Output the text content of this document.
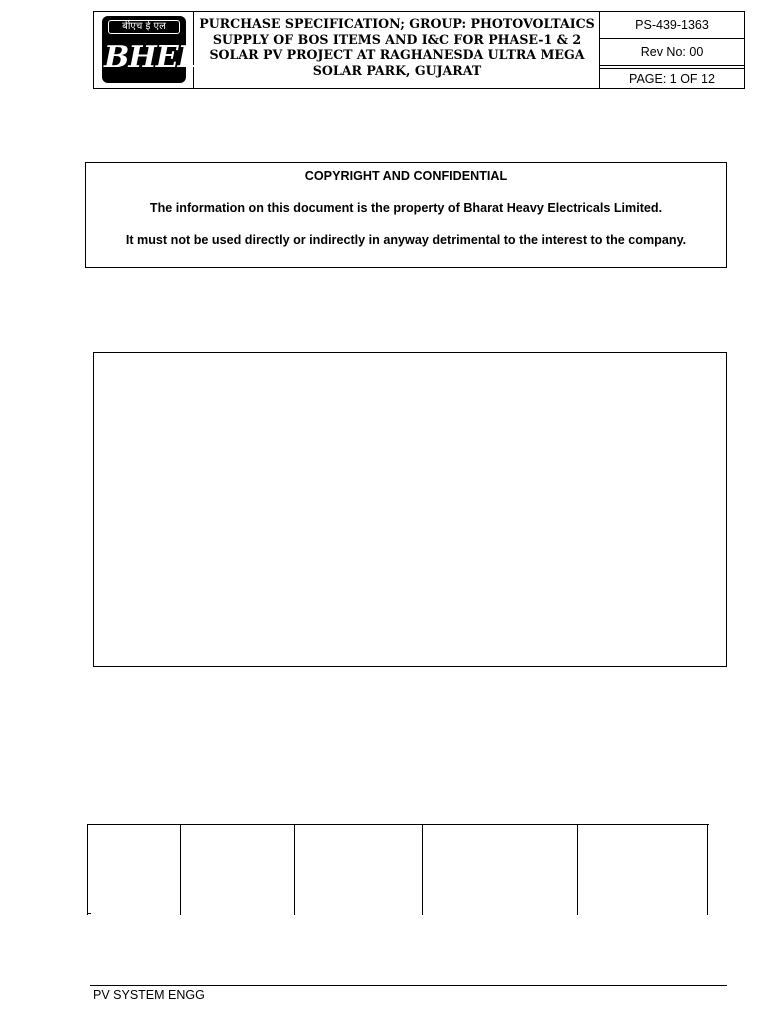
बीएच ई एल
BHEL
PURCHASE SPECIFICATION; GROUP: PHOTOVOLTAICS
SUPPLY OF BOS ITEMS AND I&C FOR PHASE-1 & 2
SOLAR PV PROJECT AT RAGHANESDA ULTRA MEGA
SOLAR PARK, GUJARAT
PS-439-1363
Rev No: 00
PAGE: 1 OF 12
COPYRIGHT AND CONFIDENTIAL
The information on this document is the property of Bharat Heavy Electricals Limited.
It must not be used directly or indirectly in anyway detrimental to the interest to the company.
PV SYSTEM ENGG
